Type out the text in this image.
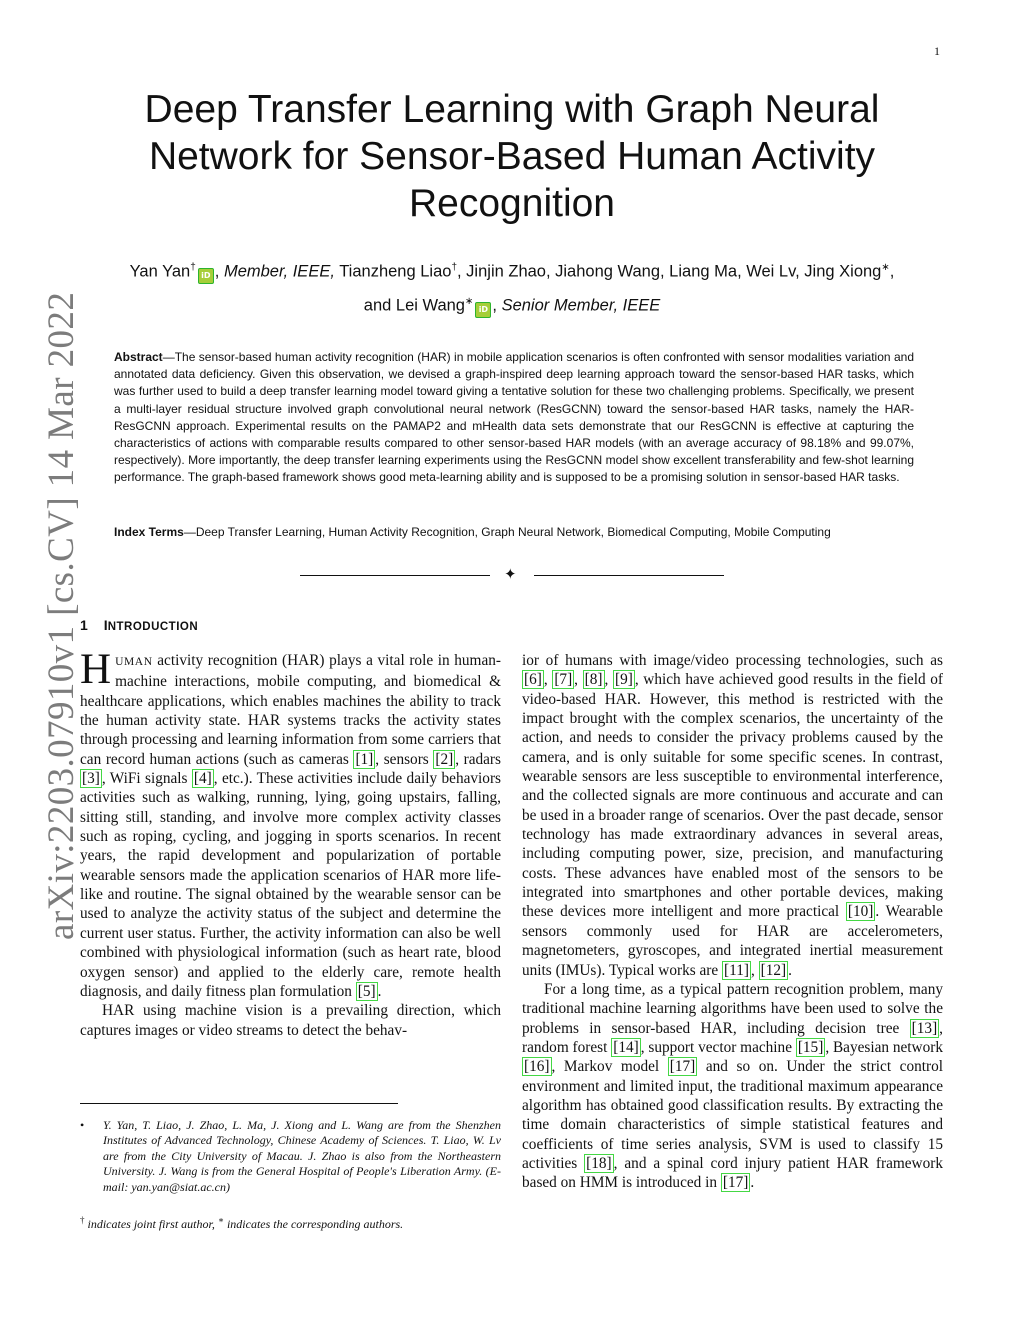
1
arXiv:2203.07910v1 [cs.CV] 14 Mar 2022
Deep Transfer Learning with Graph Neural
Network for Sensor-Based Human Activity
Recognition
Yan Yan†iD , Member, IEEE, Tianzheng Liao†, Jinjin Zhao, Jiahong Wang, Liang Ma, Wei Lv, Jing Xiong∗,
and Lei Wang∗iD , Senior Member, IEEE
Abstract—The sensor-based human activity recognition (HAR) in mobile application scenarios is often confronted with sensor modalities variation and annotated data deficiency. Given this observation, we devised a graph-inspired deep learning approach toward the sensor-based HAR tasks, which was further used to build a deep transfer learning model toward giving a tentative solution for these two challenging problems. Specifically, we present a multi-layer residual structure involved graph convolutional neural network (ResGCNN) toward the sensor-based HAR tasks, namely the HAR-ResGCNN approach. Experimental results on the PAMAP2 and mHealth data sets demonstrate that our ResGCNN is effective at capturing the characteristics of actions with comparable results compared to other sensor-based HAR models (with an average accuracy of 98.18% and 99.07%, respectively). More importantly, the deep transfer learning experiments using the ResGCNN model show excellent transferability and few-shot learning performance. The graph-based framework shows good meta-learning ability and is supposed to be a promising solution in sensor-based HAR tasks.
Index Terms—Deep Transfer Learning, Human Activity Recognition, Graph Neural Network, Biomedical Computing, Mobile Computing
✦
1 INTRODUCTION

HUMAN activity recognition (HAR) plays a vital role in human-machine interactions, mobile computing, and biomedical & healthcare applications, which enables machines the ability to track the human activity state. HAR systems tracks the activity states through processing and learning information from some carriers that can record human actions (such as cameras [1] , sensors [2] , radars [3] , WiFi signals [4] , etc.). These activities include daily behaviors activities such as walking, running, lying, going upstairs, falling, sitting still, standing, and involve more complex activity classes such as roping, cycling, and jogging in sports scenarios. In recent years, the rapid development and popularization of portable wearable sensors made the application scenarios of HAR more life-like and routine. The signal obtained by the wearable sensor can be used to analyze the activity status of the subject and determine the current user status. Further, the activity information can also be well combined with physiological information (such as heart rate, blood oxygen sensor) and applied to the elderly care, remote health diagnosis, and daily fitness plan formulation [5] .

HAR using machine vision is a prevailing direction, which captures images or video streams to detect the behav-

ior of humans with image/video processing technologies, such as [6] , [7] , [8] , [9] , which have achieved good results in the field of video-based HAR. However, this method is restricted with the impact brought with the complex scenarios, the uncertainty of the action, and needs to consider the privacy problems caused by the camera, and is only suitable for some specific scenes. In contrast, wearable sensors are less susceptible to environmental interference, and the collected signals are more continuous and accurate and can be used in a broader range of scenarios. Over the past decade, sensor technology has made extraordinary advances in several areas, including computing power, size, precision, and manufacturing costs. These advances have enabled most of the sensors to be integrated into smartphones and other portable devices, making these devices more intelligent and more practical [10] . Wearable sensors commonly used for HAR are accelerometers, magnetometers, gyroscopes, and integrated inertial measurement units (IMUs). Typical works are [11] , [12] .

For a long time, as a typical pattern recognition problem, many traditional machine learning algorithms have been used to solve the problems in sensor-based HAR, including decision tree [13] , random forest [14] , support vector machine [15] , Bayesian network [16] , Markov model [17] and so on. Under the strict control environment and limited input, the traditional maximum appearance algorithm has obtained good classification results. By extracting the time domain characteristics of simple statistical features and coefficients of time series analysis, SVM is used to classify 15 activities [18] , and a spinal cord injury patient HAR framework based on HMM is introduced in [17] .

• Y. Yan, T. Liao, J. Zhao, L. Ma, J. Xiong and L. Wang are from the Shenzhen Institutes of Advanced Technology, Chinese Academy of Sciences. T. Liao, W. Lv are from the City University of Macau. J. Zhao is also from the Northeastern University. J. Wang is from the General Hospital of People's Liberation Army. (E-mail: yan.yan@siat.ac.cn)
† indicates joint first author, ∗ indicates the corresponding authors.
